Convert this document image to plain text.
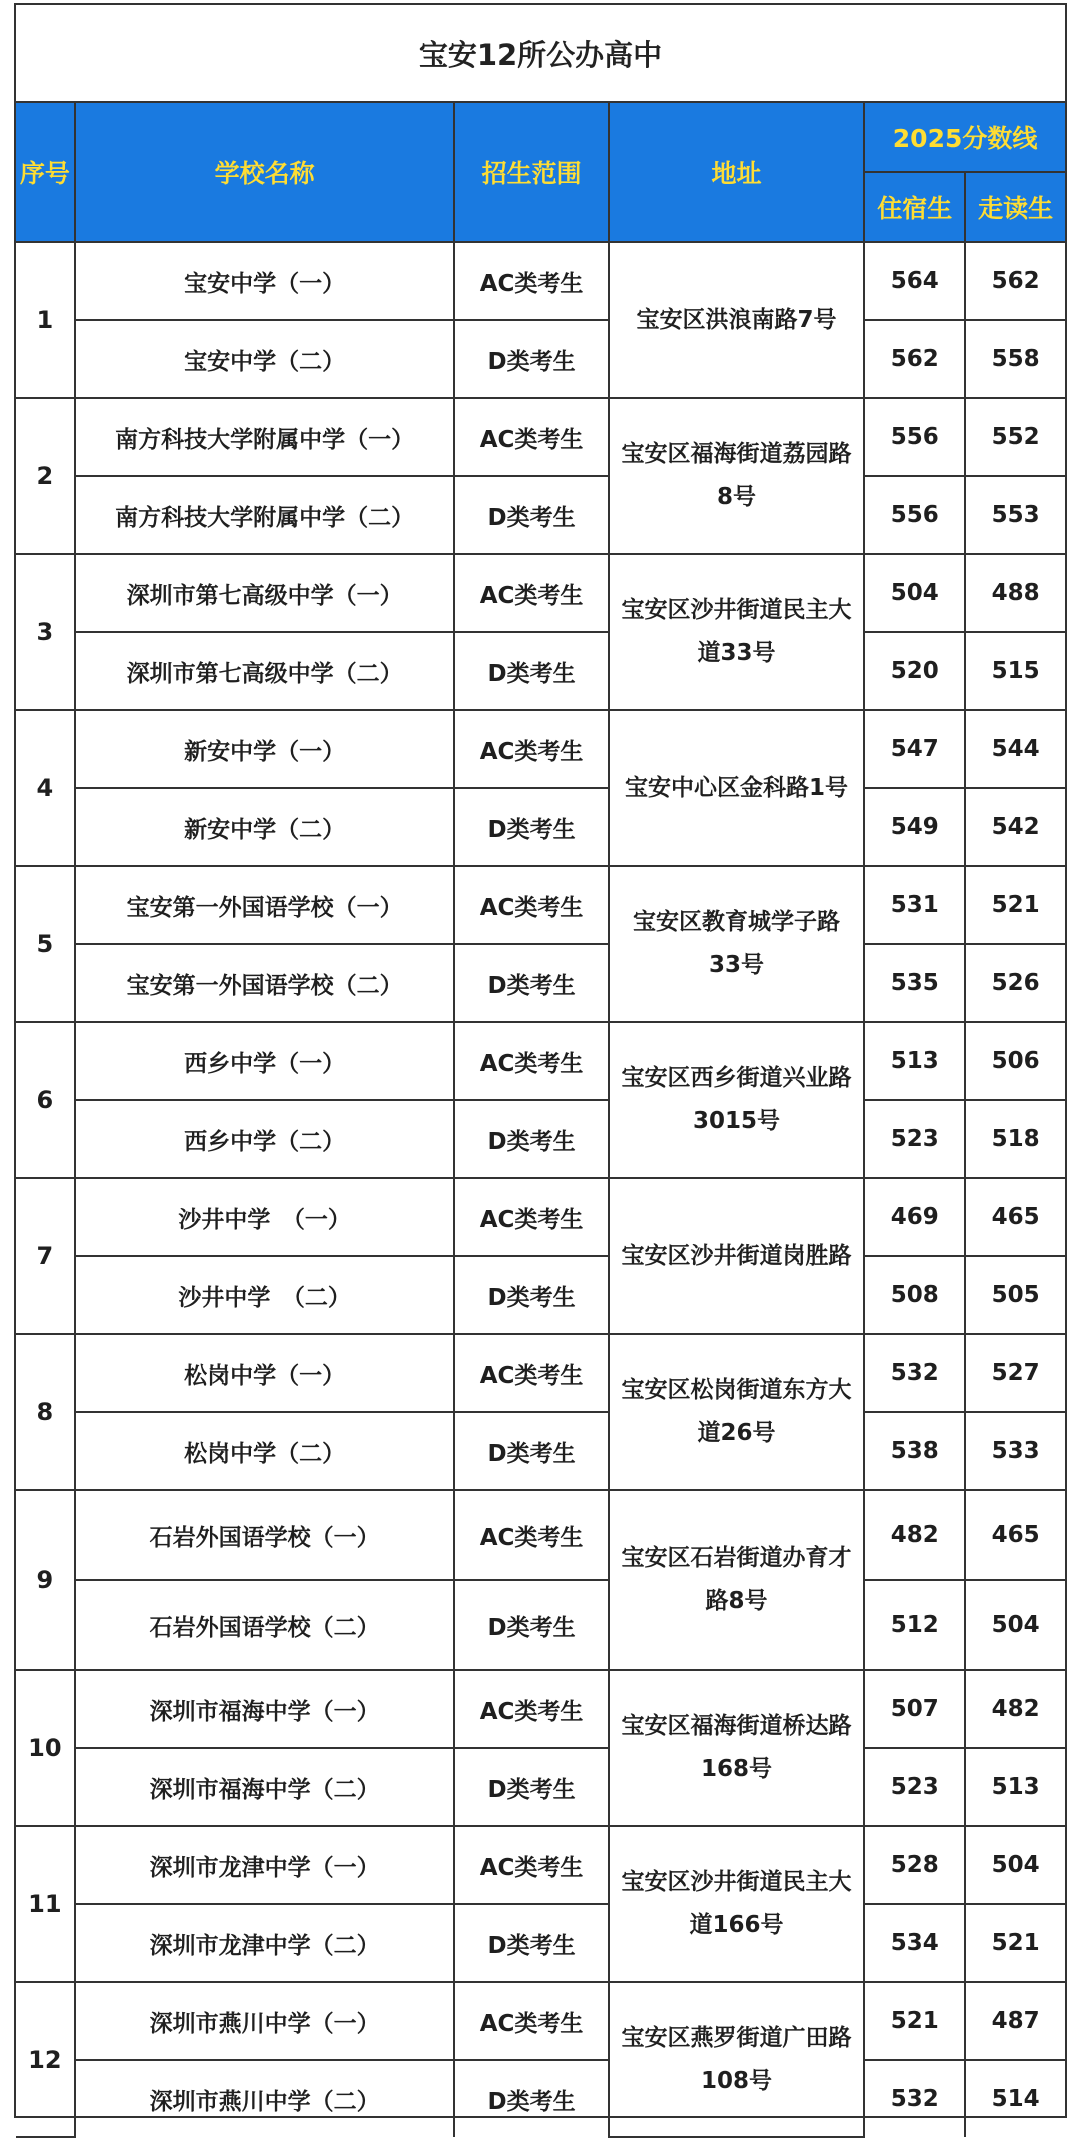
宝安12所公办高中
序号	学校名称	招生范围	地址	2025分数线	
				住宿生	走读生
1	宝安中学（一）	AC类考生	宝安区洪浪南路7号	564	562
	宝安中学（二）	D类考生		562	558
2	南方科技大学附属中学（一）	AC类考生	宝安区福海街道荔园路8号	556	552
	南方科技大学附属中学（二）	D类考生		556	553
3	深圳市第七高级中学（一）	AC类考生	宝安区沙井街道民主大道33号	504	488
	深圳市第七高级中学（二）	D类考生		520	515
4	新安中学（一）	AC类考生	宝安中心区金科路1号	547	544
	新安中学（二）	D类考生		549	542
5	宝安第一外国语学校（一）	AC类考生	宝安区教育城学子路33号	531	521
	宝安第一外国语学校（二）	D类考生		535	526
6	西乡中学（一）	AC类考生	宝安区西乡街道兴业路3015号	513	506
	西乡中学（二）	D类考生		523	518
7	沙井中学　（一）	AC类考生	宝安区沙井街道岗胜路	469	465
	沙井中学　（二）	D类考生		508	505
8	松岗中学（一）	AC类考生	宝安区松岗街道东方大道26号	532	527
	松岗中学（二）	D类考生		538	533
9	石岩外国语学校（一）	AC类考生	宝安区石岩街道办育才路8号	482	465
	石岩外国语学校（二）	D类考生		512	504
10	深圳市福海中学（一）	AC类考生	宝安区福海街道桥达路168号	507	482
	深圳市福海中学（二）	D类考生		523	513
11	深圳市龙津中学（一）	AC类考生	宝安区沙井街道民主大道166号	528	504
	深圳市龙津中学（二）	D类考生		534	521
12	深圳市燕川中学（一）	AC类考生	宝安区燕罗街道广田路108号	521	487
	深圳市燕川中学（二）	D类考生		532	514
